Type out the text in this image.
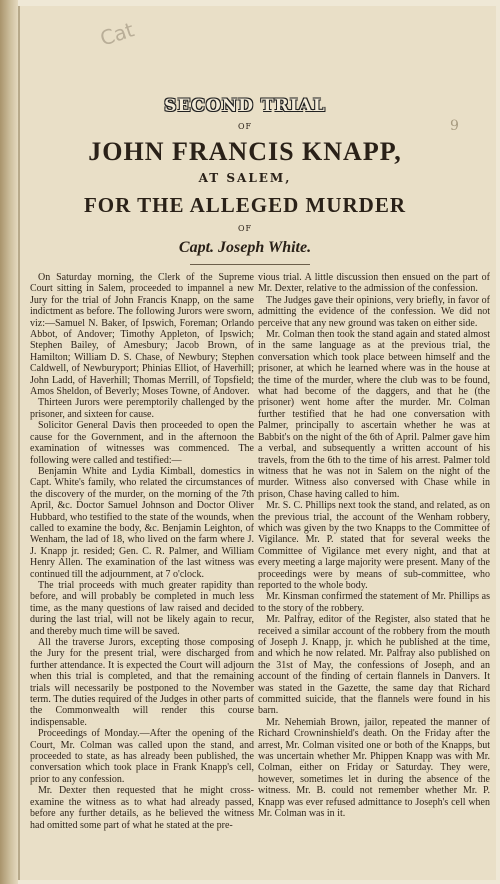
Cat
9
SECOND TRIAL
OF
JOHN FRANCIS KNAPP,
AT SALEM,
FOR THE ALLEGED MURDER
OF
Capt. Joseph White.

On Saturday morning, the Clerk of the Supreme Court sitting in Salem, proceeded to impannel a new Jury for the trial of John Francis Knapp, on the same indictment as before. The following Jurors were sworn, viz:—Samuel N. Baker, of Ipswich, Foreman; Orlando Abbot, of Andover; Timothy Appleton, of Ipswich; Stephen Bailey, of Amesbury; Jacob Brown, of Hamilton; William D. S. Chase, of Newbury; Stephen Caldwell, of Newburyport; Phinias Elliot, of Haverhill; John Ladd, of Haverhill; Thomas Merrill, of Topsfield; Amos Sheldon, of Beverly; Moses Towne, of Andover.

Thirteen Jurors were peremptorily challenged by the prisoner, and sixteen for cause.

Solicitor General Davis then proceeded to open the cause for the Government, and in the afternoon the examination of witnesses was commenced. The following were called and testified:—

Benjamin White and Lydia Kimball, domestics in Capt. White's family, who related the circumstances of the discovery of the murder, on the morning of the 7th April, &c. Doctor Samuel Johnson and Doctor Oliver Hubbard, who testified to the state of the wounds, when called to examine the body, &c. Benjamin Leighton, of Wenham, the lad of 18, who lived on the farm where J. J. Knapp jr. resided; Gen. C. R. Palmer, and William Henry Allen. The examination of the last witness was continued till the adjournment, at 7 o'clock.

The trial proceeds with much greater rapidity than before, and will probably be completed in much less time, as the many questions of law raised and decided during the last trial, will not be likely again to recur, and thereby much time will be saved.

All the traverse Jurors, excepting those composing the Jury for the present trial, were discharged from further attendance. It is expected the Court will adjourn when this trial is completed, and that the remaining trials will necessarily be postponed to the November term. The duties required of the Judges in other parts of the Commonwealth will render this course indispensable.

Proceedings of Monday.—After the opening of the Court, Mr. Colman was called upon the stand, and proceeded to state, as has already been published, the conversation which took place in Frank Knapp's cell, prior to any confession.

Mr. Dexter then requested that he might cross-examine the witness as to what had already passed, before any further details, as he believed the witness had omitted some part of what he stated at the pre-

vious trial. A little discussion then ensued on the part of Mr. Dexter, relative to the admission of the confession.

The Judges gave their opinions, very briefly, in favor of admitting the evidence of the confession. We did not perceive that any new ground was taken on either side.

Mr. Colman then took the stand again and stated almost in the same language as at the previous trial, the conversation which took place between himself and the prisoner, at which he learned where was in the house at the time of the murder, where the club was to be found, what had become of the daggers, and that he (the prisoner) went home after the murder. Mr. Colman further testified that he had one conversation with Palmer, principally to ascertain whether he was at Babbit's on the night of the 6th of April. Palmer gave him a verbal, and subsequently a written account of his travels, from the 6th to the time of his arrest. Palmer told witness that he was not in Salem on the night of the murder. Witness also conversed with Chase while in prison, Chase having called to him.

Mr. S. C. Phillips next took the stand, and related, as on the previous trial, the account of the Wenham robbery, which was given by the two Knapps to the Committee of Vigilance. Mr. P. stated that for several weeks the Committee of Vigilance met every night, and that at every meeting a large majority were present. Many of the proceedings were by means of sub-committee, who reported to the whole body.

Mr. Kinsman confirmed the statement of Mr. Phillips as to the story of the robbery.

Mr. Palfray, editor of the Register, also stated that he received a similar account of the robbery from the mouth of Joseph J. Knapp, jr. which he published at the time, and which he now related. Mr. Palfray also published on the 31st of May, the confessions of Joseph, and an account of the finding of certain flannels in Danvers. It was stated in the Gazette, the same day that Richard committed suicide, that the flannels were found in his barn.

Mr. Nehemiah Brown, jailor, repeated the manner of Richard Crowninshield's death. On the Friday after the arrest, Mr. Colman visited one or both of the Knapps, but was uncertain whether Mr. Phippen Knapp was with Mr. Colman, either on Friday or Saturday. They were, however, sometimes let in during the absence of the witness. Mr. B. could not remember whether Mr. P. Knapp was ever refused admittance to Joseph's cell when Mr. Colman was in it.
